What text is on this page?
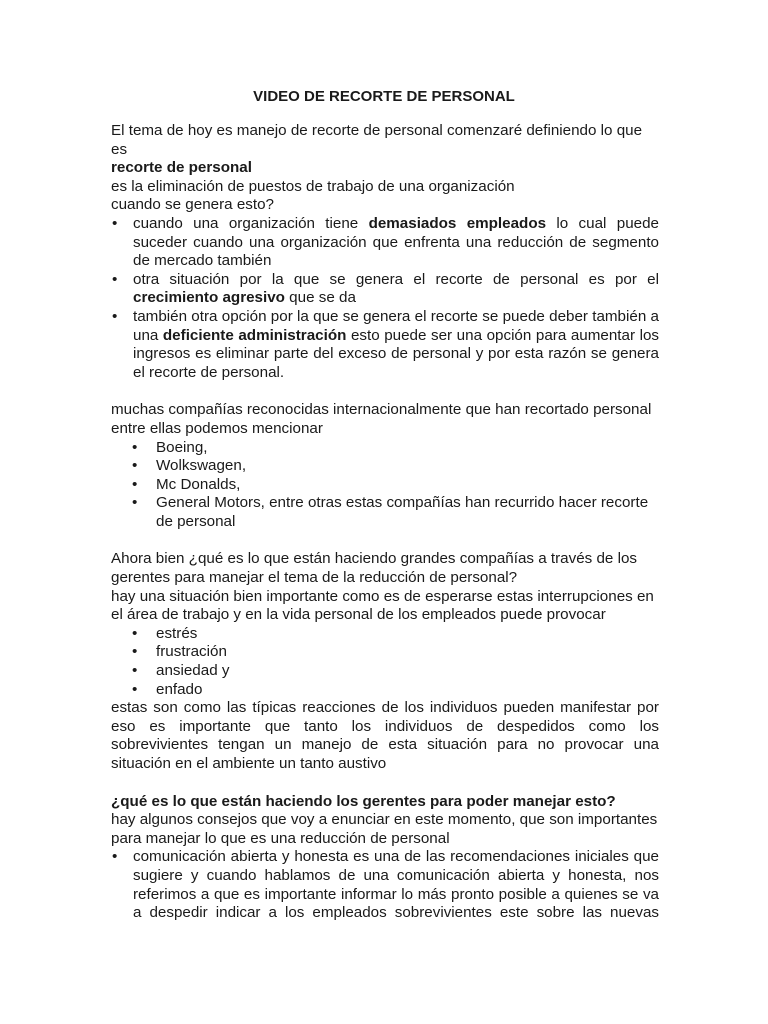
VIDEO DE RECORTE DE PERSONAL

El tema de hoy es manejo de recorte de personal comenzaré definiendo lo que es

recorte de personal

es la eliminación de puestos de trabajo de una organización

cuando se genera esto?

• cuando una organización tiene demasiados empleados lo cual puede suceder cuando una organización que enfrenta una reducción de segmento de mercado también
• otra situación por la que se genera el recorte de personal es por el crecimiento agresivo que se da
• también otra opción por la que se genera el recorte se puede deber también a una deficiente administración esto puede ser una opción para aumentar los ingresos es eliminar parte del exceso de personal y por esta razón se genera el recorte de personal.

muchas compañías reconocidas internacionalmente que han recortado personal entre ellas podemos mencionar

• Boeing,
• Wolkswagen,
• Mc Donalds,
• General Motors, entre otras estas compañías han recurrido hacer recorte de personal

Ahora bien ¿qué es lo que están haciendo grandes compañías a través de los gerentes para manejar el tema de la reducción de personal?

hay una situación bien importante como es de esperarse estas interrupciones en el área de trabajo y en la vida personal de los empleados puede provocar

• estrés
• frustración
• ansiedad y
• enfado

estas son como las típicas reacciones de los individuos pueden manifestar por eso es importante que tanto los individuos de despedidos como los sobrevivientes tengan un manejo de esta situación para no provocar una situación en el ambiente un tanto austivo

¿qué es lo que están haciendo los gerentes para poder manejar esto?

hay algunos consejos que voy a enunciar en este momento, que son importantes para manejar lo que es una reducción de personal

• comunicación abierta y honesta es una de las recomendaciones iniciales que sugiere y cuando hablamos de una comunicación abierta y honesta, nos referimos a que es importante informar lo más pronto posible a quienes se va a despedir indicar a los empleados sobrevivientes este sobre las nuevas
